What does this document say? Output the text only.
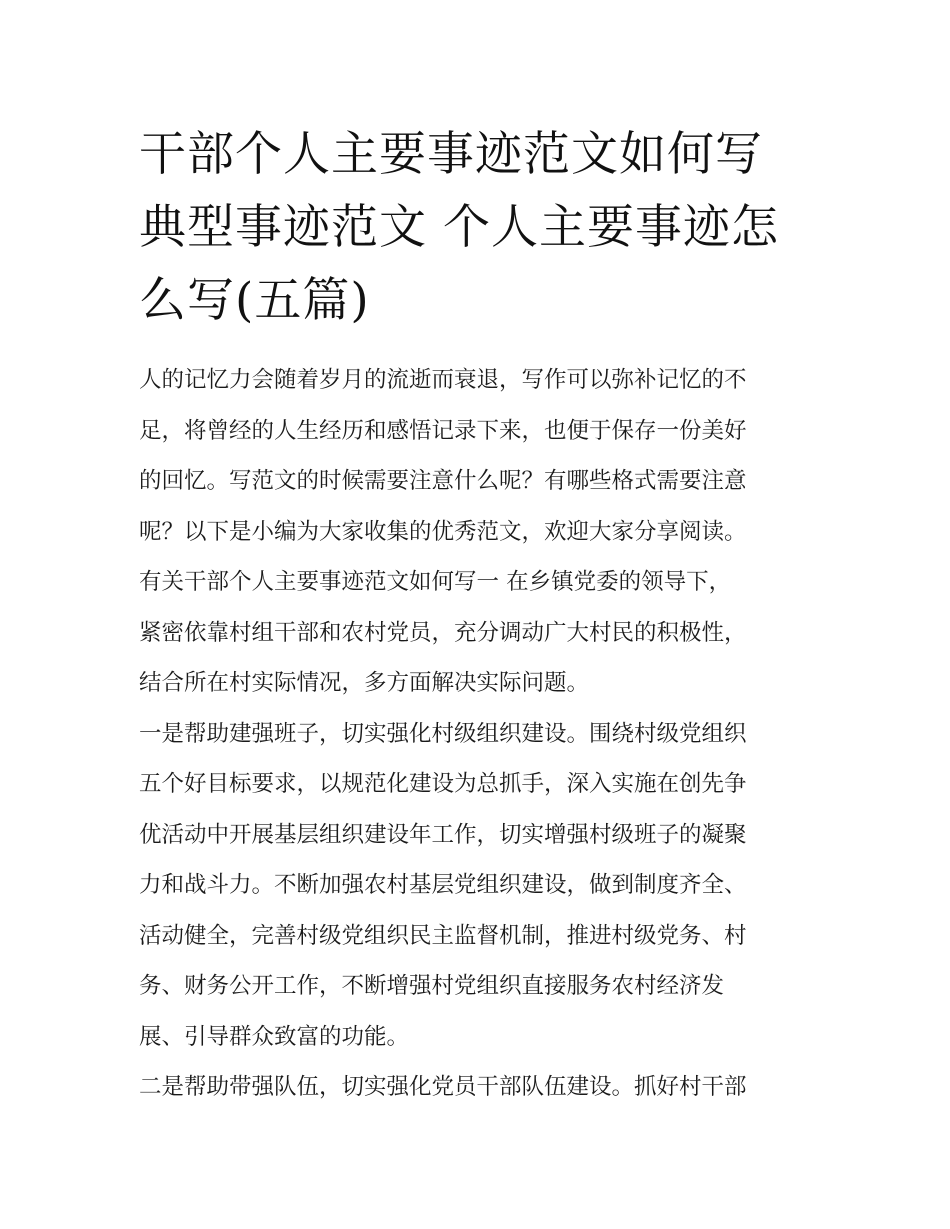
干部个人主要事迹范文如何写
典型事迹范文 个人主要事迹怎
么写(五篇)
人的记忆力会随着岁月的流逝而衰退，写作可以弥补记忆的不
足，将曾经的人生经历和感悟记录下来，也便于保存一份美好
的回忆。写范文的时候需要注意什么呢？有哪些格式需要注意
呢？以下是小编为大家收集的优秀范文，欢迎大家分享阅读。
有关干部个人主要事迹范文如何写一 在乡镇党委的领导下，
紧密依靠村组干部和农村党员，充分调动广大村民的积极性，
结合所在村实际情况，多方面解决实际问题。
一是帮助建强班子，切实强化村级组织建设。围绕村级党组织
五个好目标要求，以规范化建设为总抓手，深入实施在创先争
优活动中开展基层组织建设年工作，切实增强村级班子的凝聚
力和战斗力。不断加强农村基层党组织建设，做到制度齐全、
活动健全，完善村级党组织民主监督机制，推进村级党务、村
务、财务公开工作，不断增强村党组织直接服务农村经济发
展、引导群众致富的功能。
二是帮助带强队伍，切实强化党员干部队伍建设。抓好村干部
